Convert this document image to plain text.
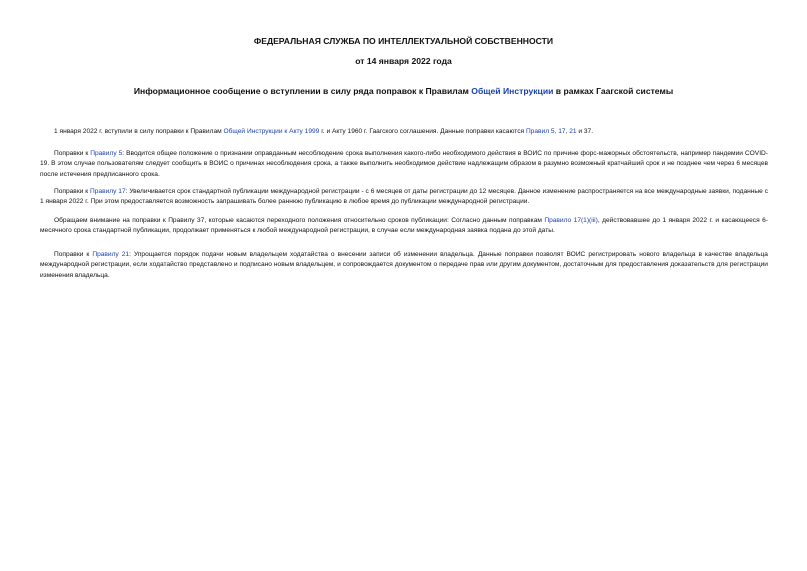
ФЕДЕРАЛЬНАЯ СЛУЖБА ПО ИНТЕЛЛЕКТУАЛЬНОЙ СОБСТВЕННОСТИ
от 14 января 2022 года
Информационное сообщение о вступлении в силу ряда поправок к Правилам Общей Инструкции в рамках Гаагской системы

1 января 2022 г. вступили в силу поправки к Правилам Общей Инструкции к Акту 1999 г. и Акту 1960 г. Гаагского соглашения. Данные поправки касаются Правил 5, 17, 21 и 37.

Поправки к Правилу 5: Вводится общее положение о признании оправданным несоблюдение срока выполнения какого-либо необходимого действия в ВОИС по причине форс-мажорных обстоятельств, например пандемии COVID-19. В этом случае пользователям следует сообщить в ВОИС о причинах несоблюдения срока, а также выполнить необходимое действие надлежащим образом в разумно возможный кратчайший срок и не позднее чем через 6 месяцев после истечения предписанного срока.

Поправки к Правилу 17: Увеличивается срок стандартной публикации международной регистрации - с 6 месяцев от даты регистрации до 12 месяцев. Данное изменение распространяется на все международные заявки, поданные с 1 января 2022 г. При этом предоставляется возможность запрашивать более раннюю публикацию в любое время до публикации международной регистрации.

Обращаем внимание на поправки к Правилу 37, которые касаются переходного положения относительно сроков публикации: Согласно данным поправкам Правило 17(1)(iii), действовавшее до 1 января 2022 г. и касающееся 6-месячного срока стандартной публикации, продолжает применяться к любой международной регистрации, в случае если международная заявка подана до этой даты.

Поправки к Правилу 21: Упрощается порядок подачи новым владельцем ходатайства о внесении записи об изменении владельца. Данные поправки позволят ВОИС регистрировать нового владельца в качестве владельца международной регистрации, если ходатайство представлено и подписано новым владельцем, и сопровождается документом о передаче прав или другим документом, достаточным для предоставления доказательств для регистрации изменения владельца.
